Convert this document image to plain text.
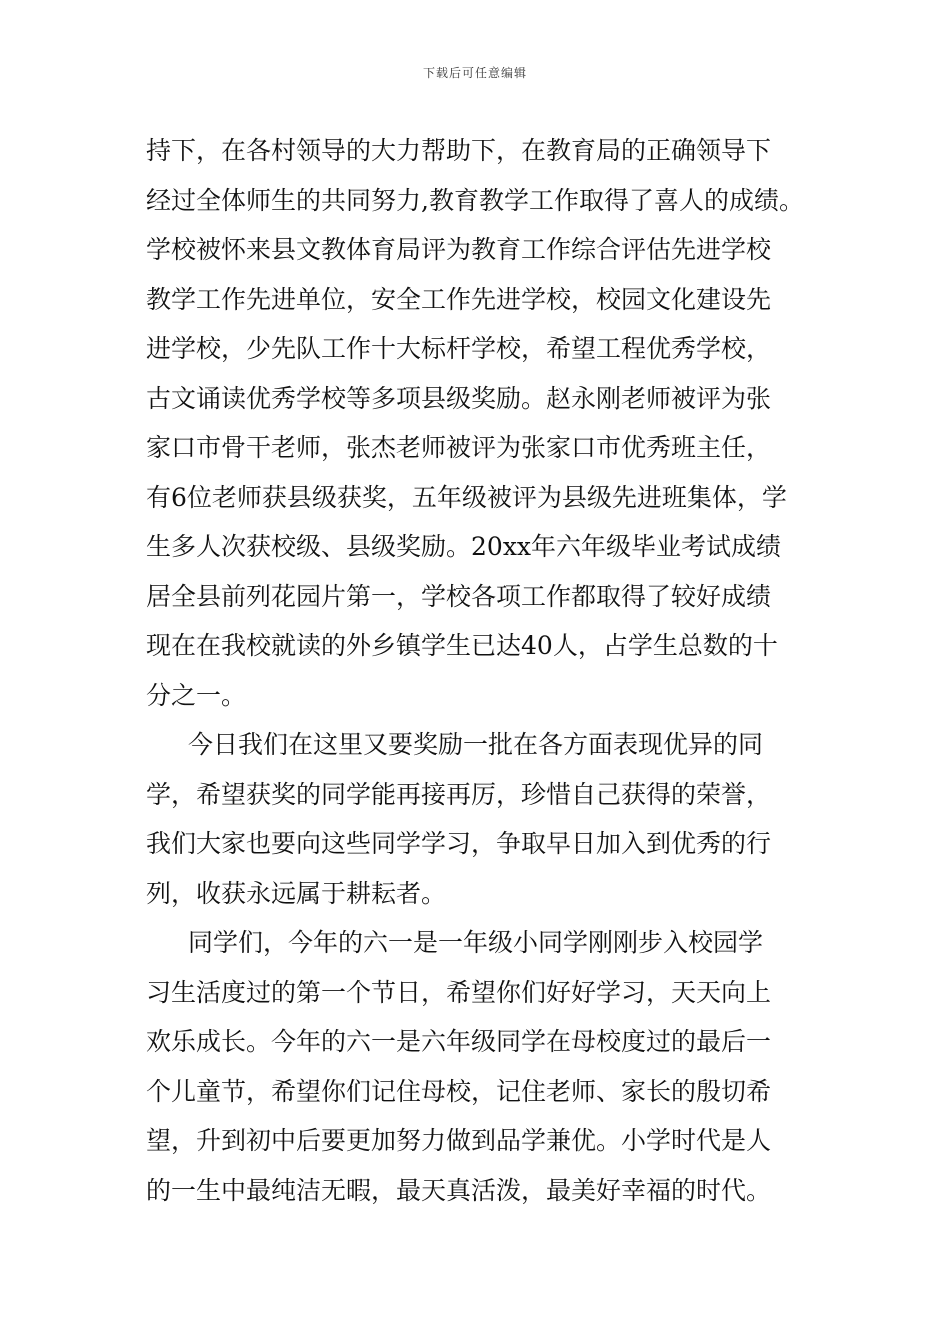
下载后可任意编辑
持下，在各村领导的大力帮助下，在教育局的正确领导下
经过全体师生的共同努力,教育教学工作取得了喜人的成绩。
学校被怀来县文教体育局评为教育工作综合评估先进学校
教学工作先进单位，安全工作先进学校，校园文化建设先
进学校，少先队工作十大标杆学校，希望工程优秀学校，
古文诵读优秀学校等多项县级奖励。赵永刚老师被评为张
家口市骨干老师，张杰老师被评为张家口市优秀班主任，
有6位老师获县级获奖，五年级被评为县级先进班集体，学
生多人次获校级、县级奖励。20xx年六年级毕业考试成绩
居全县前列花园片第一，学校各项工作都取得了较好成绩
现在在我校就读的外乡镇学生已达40人，占学生总数的十
分之一。
今日我们在这里又要奖励一批在各方面表现优异的同
学，希望获奖的同学能再接再厉，珍惜自己获得的荣誉，
我们大家也要向这些同学学习，争取早日加入到优秀的行
列，收获永远属于耕耘者。
同学们，今年的六一是一年级小同学刚刚步入校园学
习生活度过的第一个节日，希望你们好好学习，天天向上
欢乐成长。今年的六一是六年级同学在母校度过的最后一
个儿童节，希望你们记住母校，记住老师、家长的殷切希
望，升到初中后要更加努力做到品学兼优。小学时代是人
的一生中最纯洁无暇，最天真活泼，最美好幸福的时代。
